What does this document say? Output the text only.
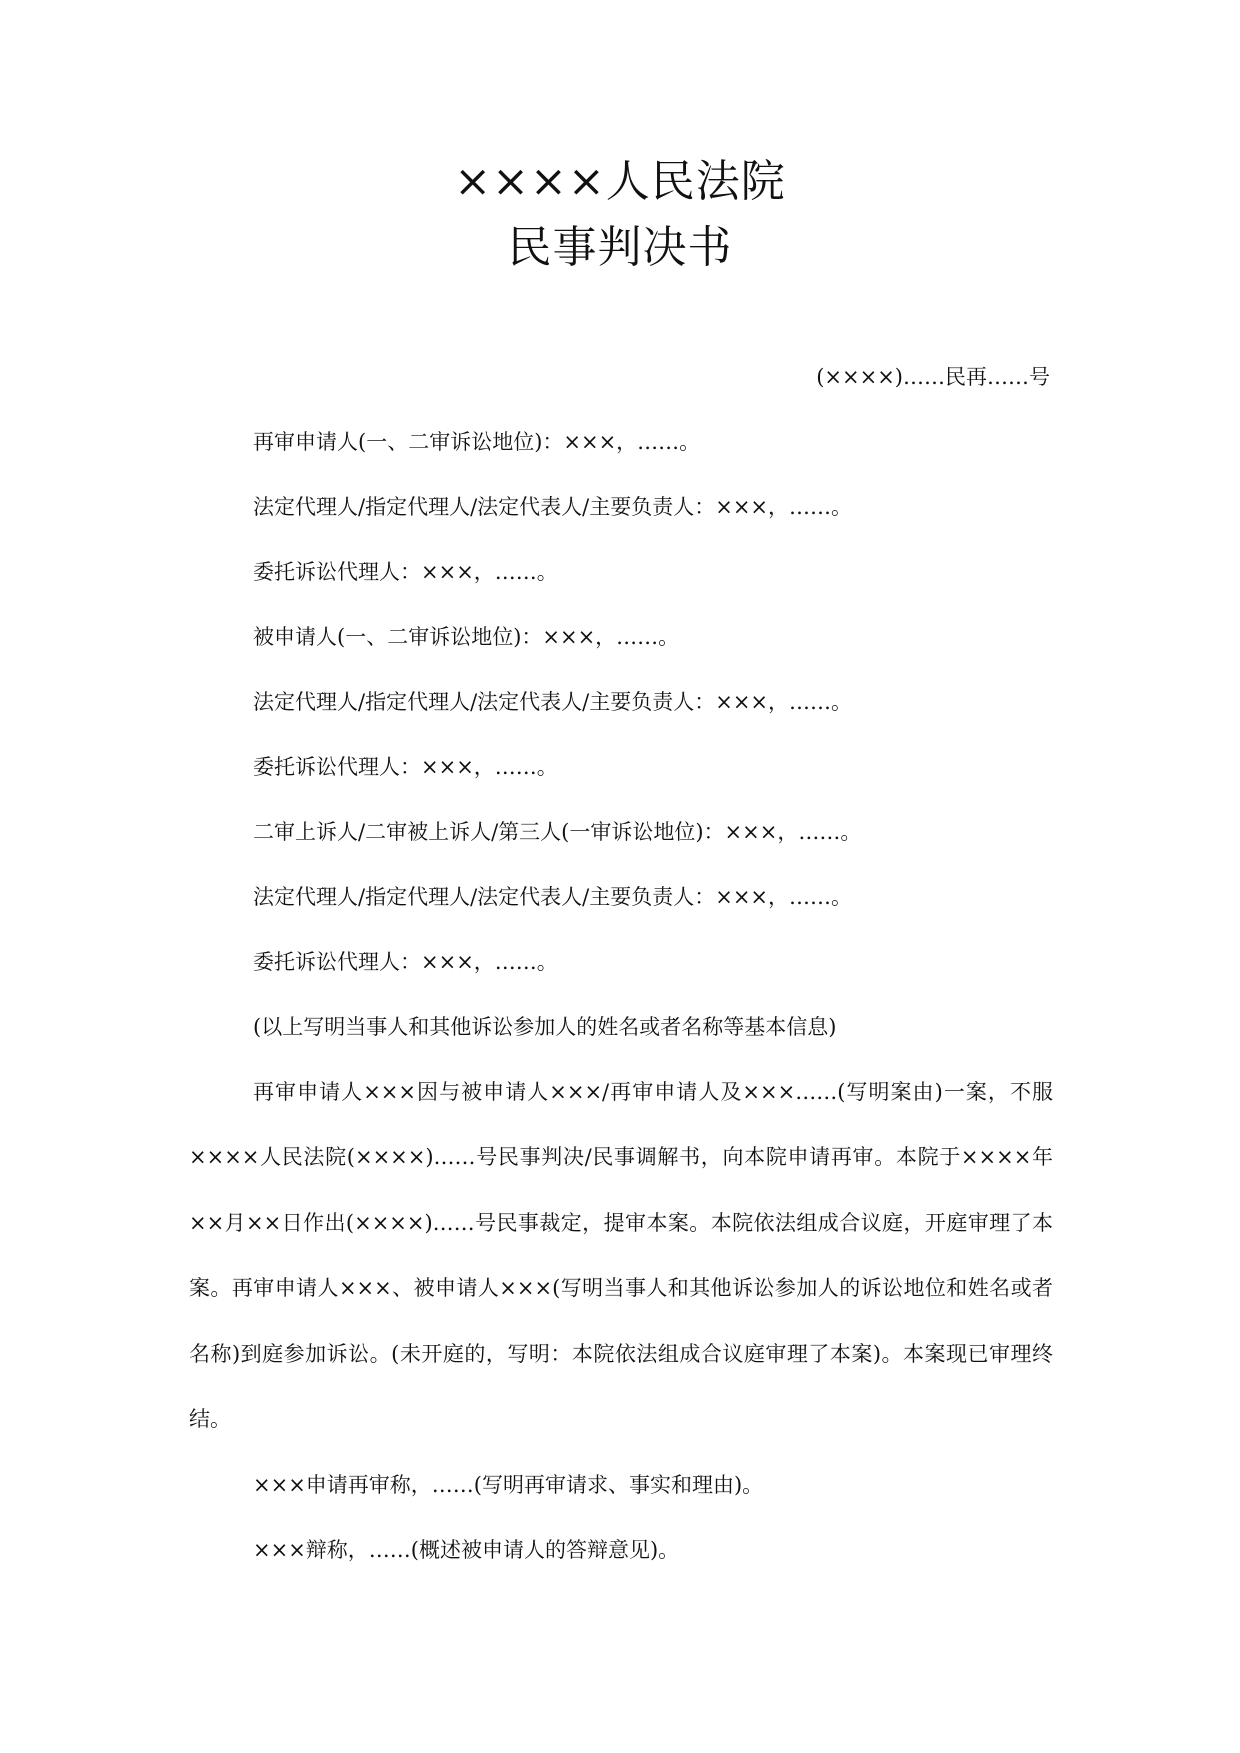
××××人民法院
民事判决书
(××××)……民再……号
再审申请人(一、二审诉讼地位)：×××，……。
法定代理人/指定代理人/法定代表人/主要负责人：×××，……。
委托诉讼代理人：×××，……。
被申请人(一、二审诉讼地位)：×××，……。
法定代理人/指定代理人/法定代表人/主要负责人：×××，……。
委托诉讼代理人：×××，……。
二审上诉人/二审被上诉人/第三人(一审诉讼地位)：×××，……。
法定代理人/指定代理人/法定代表人/主要负责人：×××，……。
委托诉讼代理人：×××，……。
(以上写明当事人和其他诉讼参加人的姓名或者名称等基本信息)

再审申请人×××因与被申请人×××/再审申请人及×××……(写明案由)一案，不服××××人民法院(××××)……号民事判决/民事调解书，向本院申请再审。本院于××××年××月××日作出(××××)……号民事裁定，提审本案。本院依法组成合议庭，开庭审理了本案。再审申请人×××、被申请人×××(写明当事人和其他诉讼参加人的诉讼地位和姓名或者名称)到庭参加诉讼。(未开庭的，写明：本院依法组成合议庭审理了本案)。本案现已审理终结。

×××申请再审称，……(写明再审请求、事实和理由)。
×××辩称，……(概述被申请人的答辩意见)。
